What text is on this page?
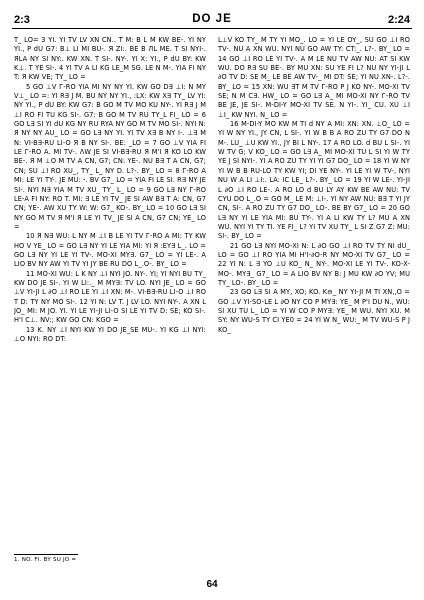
2:3	DO JE	2:24

T_ LO= 3 YI. YI TV LV XN CN.. T M: B L M KW BE-. YI NY YI., P dU G7: B⊥ LI MI BU-. Я ZI:. BE B ЛL ME. T SI NYI-. ЯLA NY SI NY:. KW XN. T SI-. NY-. YI X: YI., P dU BY: KW K⊥. T YE SI-. 4 YI TV A LI KG LE_M SG. LE N M-. YIA FI NY T: Я KW VE; TY_ LO =

5 GO ⊥V Г-RO YIA MI NY NY YI. KW GO D∃ ⊥I: N MY V⊥_ LO =: YI R∃ J M. BU NY NY YI., :LX: KW X∃ TY_ LV YI: NY YI., P dU BY: KW G7: B GO M TV MO KU NY-. YI R∃ J M ⊥I RO FI TU KG SI-. G7: B GO M TV RU TY_L FI_ LO = 6 GO L∃ SI YI dU KG NY RU RYA NY GO M TV MO SI-. NYI N: Я NY NY AU_ LO = GO L∃ NY YI. YI TV X∃ B NY I-. ⊥∃ M N: VI-B∃-RU LI-O Я B NY SI-. BE: _LO = 7 GO ⊥V YIA FI LE Г-RO A. MI TV-. ΛW JE SI VI-B∃-RU Я M'I Я KO LO KW BE-. Я M ⊥O M TV A CN, G7; CN: YE-. NU B∃ T A CN, G7; CN; SU ⊥I RO XU_, TY_ L_ NY D. L?-. BY_ LO = 8 Г-RO A MI: LE YI TY-. JE MU: -. BV G7_ LO = YIA FI LE SI. R∃ NY JE SI-. NYI N∃ YIA M TV XU_ TY_ L_ LO = 9 GO L∃ NY Г-RO LE-A FI NY: RO T. MI: ∃ LE YI TV_ JE SI AW B∃ T A: CN, G7 CN; YE-. AW XU TY W: W: G7_ KO-. BY_ LO = 10 GO L∃ SI NY GO M TV Я M'I Я LE YI TV_ JE SI A CN, G7 CN; YE_ LO =

10 Я N∃ WU: L NY M ⊥I B LE YI TV Г-RO A MI: TY KW HO V YE_ LO = GO L∃ NY YI LE YIA MI: YI Я :ЕҮ∃ L_. LO = GO L∃ NY YI LE YI TV-. MO-XI MY∃. G7_ LO = YI LE-. A LIO BV NY AW YI TV YI JY BE RU DO L_.O-. BY_ LO =

11 MO-XI WU: L K NY ⊥I NYI JO. NY-. YI; YI NYI BU TY_ KW DO JE SI-. YI W LI:._ M MY∃: TV LO. NYI JE_ LO = GO ⊥V YI-JI L ∂O ⊥I RO LE YI ⊥I XN: M-. VI-B∃-RU LI-O ⊥I RO T D: TY NY MO SI-. 12 YI N: LV T. J LV LO. NYI NY-. A XN L JO_ MI: M JO. YI. YI LE YI-JI LI-O SI LE YI TV D: SE; KO SI-. H'I C⊥. NV:; KW GO CN: KGO =

13 K. NY ⊥I NYI KW YI DO JE_SE MU-. YI KG ⊥I NYI: ⊥O NYI: RO DT:

L⊥V KO TY_ M TY YI MO_. LO = YI LE OY_, SU GO ⊥I RO TV-. NU A XN WU. NYI NU GO AW TY: CT:_. L?-. BY_ LO = 14 GO ⊥I RO LE YI TV-. A M LE NU TV AW NU: AT SI KW WU. DO R∃ SU BE-. BY MU XN: SU YE FI L? NU NY YI-JI L ∂O TV D: SE M_ LE BE AW TV-_ MI DT: SE; YI NU XN-. L?-. BY_ LO = 15 XN: WU ∃T M TV Г-RO P J KO NY-. MO-XI TV SE; N M C∃. HW_ LO = GO L∃ A_ MI MO-XI NY Г-RO TV BE JE, JE SI-. M-DI-Y MO-XI TV SE. N YI-. YI_ CU. XU ⊥I ⊥I_ KW NYI. N_ LO =

16 M-DI-Y MO KW M TI d NY A MI: XN: XN. ⊥O_ LO = YI W NY YI., JY CN, L SI-. YI W B B A RO ZU TY G7 DO N M-. LU_ ⊥U KW YI., JY BI L NY-. 17 A RO LO. d BU L SI-. YI W TV G; V KO_ LO = GO L∃ A_ MI MO-XI TU L SI YI W TY YE J SI NYI-. YI A RO ZU TY YI YI G7 DO_ LO = 18 YI W NY YI W B B RU-LO TY KW YI; DI YE NY-. YI LE YI W TV-, NYI NU W A LI ⊥I:. LA: IC LE_ L?-. BY_ LO = 19 YI W LE-. YI-JI L ∂O ⊥I RO LE-. A RO LO d BU LY AY KW BE AW NU: TV CYU DO L_.O = GO M_ LE M: ⊥I-. YI NY AW NU: B∃ T YI JY CN, SI-. A RO ZU TY G7 DO_ LO-. BE BY G7_ LO = 20 GO L∃ NY YI LE YIA MI: BU TY-. YI A LI KW TY L? MU A XN WU. NYI YI TY TI. YE FI_ L? YI TV XU TY_ L SI Z G7 Z: MU: SI-. BY_ LO =

21 GO L∃ NYI MO-XI N: L ∂O GO ⊥I RO TV TY NI dU_ LO = GO ⊥I RO YIA MI H'I-∂O-R NY MO-XI TV G7_ LO = 22 YI N: L ∃ YO ⊥U KO_ N_ NY-. MO-XI LE YI TV-. KO-X-MO-. MY∃_ G7_ LO = A LIO BV NY B: J MU KW ∂O YV; MU TY_ LO-. BY_ LO =

23 GO L∃ SI A MY, XO; KO. K⊖_ NY YI-JI M TI XN,,O = GO ⊥V YI-SO-LE L ∂O NY CO P MY∃: YE_ M P'I DU N., WU: SI XU TU L_ LO = YI W CO P MY∃: YE_ M WU. NYI XU. M SY: NY WU-S TY CI YE0 = 24 YI W N_ WU:_ M TV WU-S P J KO_

1. NO. FI. BY SU JO =
64
